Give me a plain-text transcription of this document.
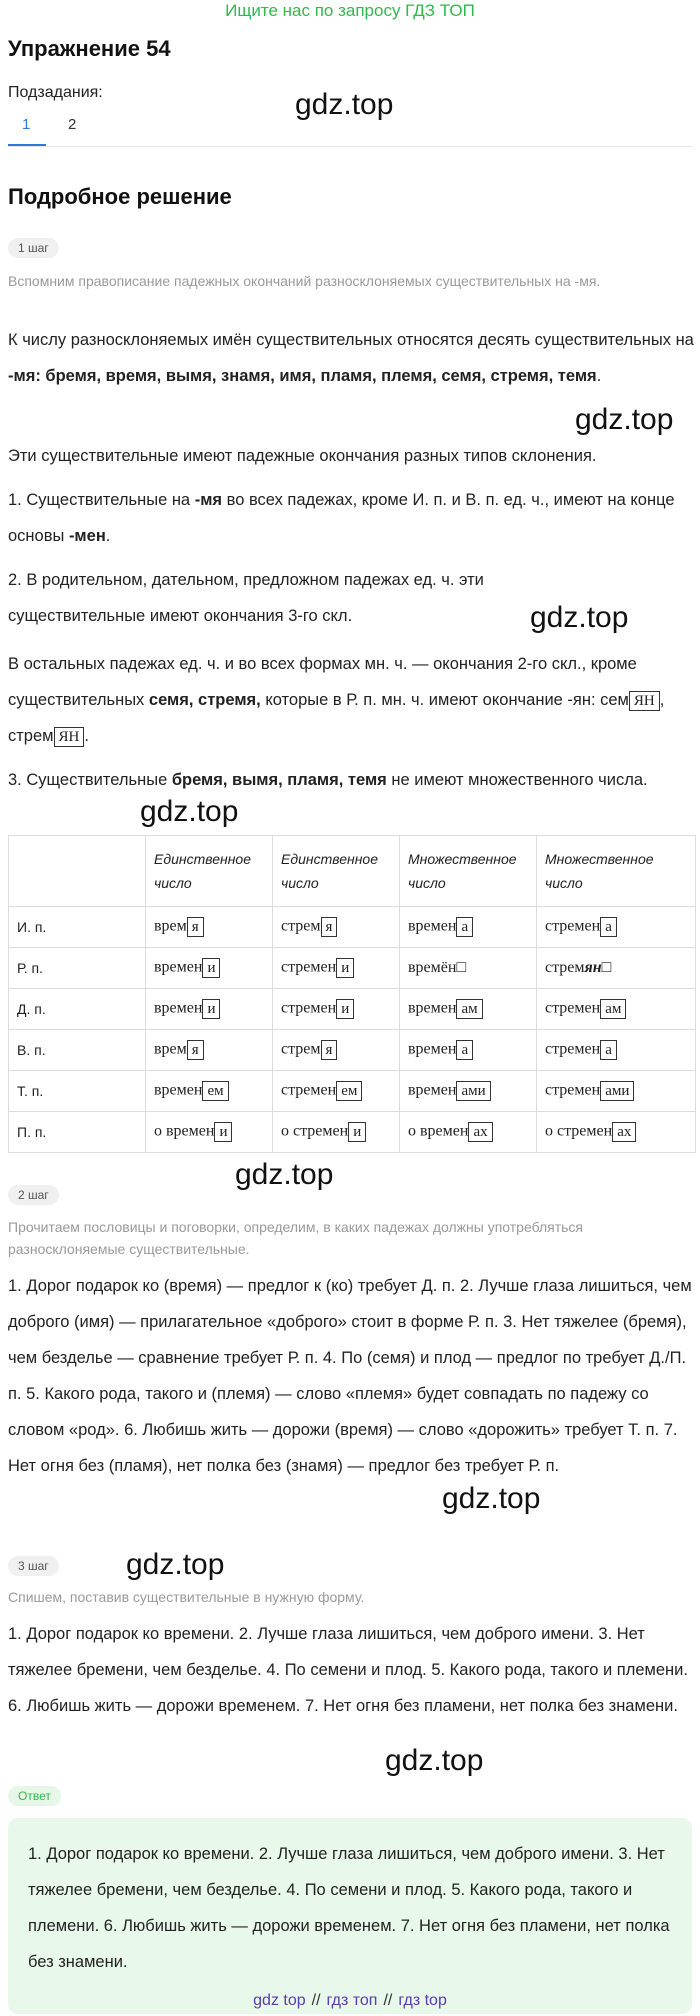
Ищите нас по запросу ГДЗ ТОП
Упражнение 54
Подзадания:
1	2
gdz.top
Подробное решение
1 шаг
Вспомним правописание падежных окончаний разносклоняемых существительных на -мя.
К числу разносклоняемых имён существительных относятся десять существительных на -мя: бремя, время, вымя, знамя, имя, пламя, племя, семя, стремя, темя.
gdz.top
Эти существительные имеют падежные окончания разных типов склонения.
1. Существительные на -мя во всех падежах, кроме И. п. и В. п. ед. ч., имеют на конце основы -мен.
2. В родительном, дательном, предложном падежах ед. ч. эти существительные имеют окончания 3-го скл.	gdz.top
В остальных падежах ед. ч. и во всех формах мн. ч. — окончания 2-го скл., кроме существительных семя, стремя, которые в Р. п. мн. ч. имеют окончание -ян: сем ЯН , стрем ЯН .
3. Существительные бремя, вымя, пламя, темя не имеют множественного числа.
gdz.top
	Единственное число	Единственное число	Множественное число	Множественное число
И. п.	врем я	стрем я	времен а	стремен а
Р. п.	времен и	стремен и	времён□	стремян□
Д. п.	времен и	стремен и	времен ам	стремен ам
В. п.	врем я	стрем я	времен а	стремен а
Т. п.	времен ем	стремен ем	времен ами	стремен ами
П. п.	о времен и	о стремен и	о времен ах	о стремен ах
gdz.top
2 шаг
Прочитаем пословицы и поговорки, определим, в каких падежах должны употребляться разносклоняемые существительные.
1. Дорог подарок ко (время) — предлог к (ко) требует Д. п. 2. Лучше глаза лишиться, чем доброго (имя) — прилагательное «доброго» стоит в форме Р. п. 3. Нет тяжелее (бремя), чем безделье — сравнение требует Р. п. 4. По (семя) и плод — предлог по требует Д./П. п. 5. Какого рода, такого и (племя) — слово «племя» будет совпадать по падежу со словом «род». 6. Любишь жить — дорожи (время) — слово «дорожить» требует Т. п. 7. Нет огня без (пламя), нет полка без (знамя) — предлог без требует Р. п.
gdz.top
3 шаг	gdz.top
Спишем, поставив существительные в нужную форму.
1. Дорог подарок ко времени. 2. Лучше глаза лишиться, чем доброго имени. 3. Нет тяжелее бремени, чем безделье. 4. По семени и плод. 5. Какого рода, такого и племени. 6. Любишь жить — дорожи временем. 7. Нет огня без пламени, нет полка без знамени.
gdz.top
Ответ
1. Дорог подарок ко времени. 2. Лучше глаза лишиться, чем доброго имени. 3. Нет тяжелее бремени, чем безделье. 4. По семени и плод. 5. Какого рода, такого и племени. 6. Любишь жить — дорожи временем. 7. Нет огня без пламени, нет полка без знамени.
gdz top // гдз топ // гдз top
